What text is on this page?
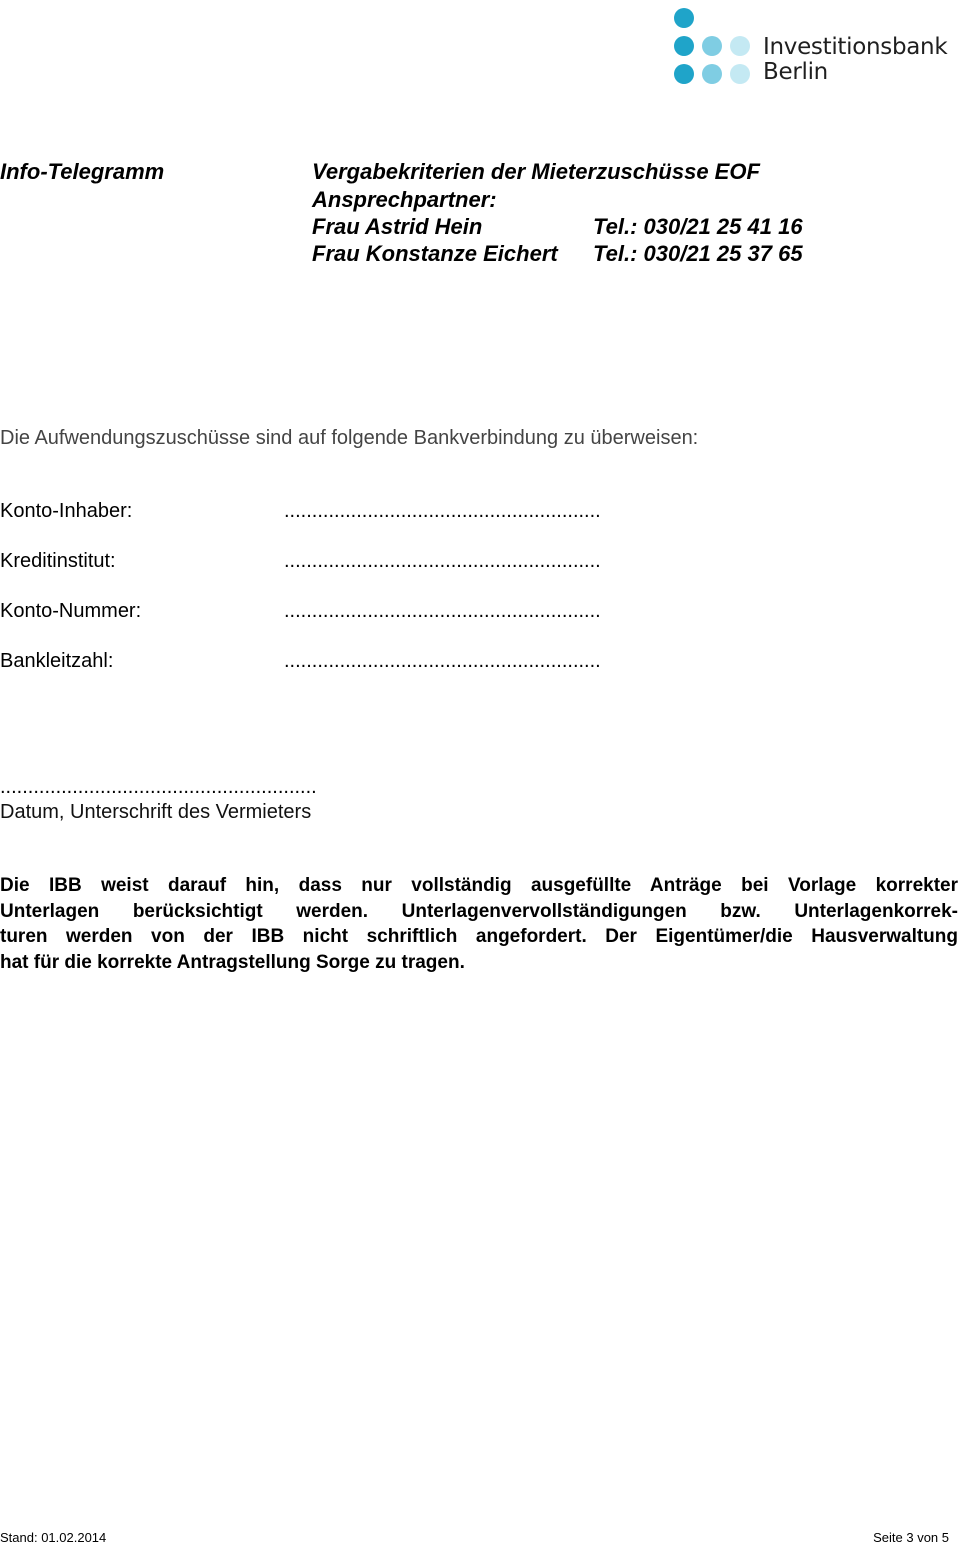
Investitionsbank
Berlin
Info-Telegramm	Vergabekriterien der Mieterzuschüsse EOF
Ansprechpartner:
Frau Astrid Hein	Tel.: 030/21 25 41 16
Frau Konstanze Eichert Tel.: 030/21 25 37 65
Die Aufwendungszuschüsse sind auf folgende Bankverbindung zu überweisen:
Konto-Inhaber:	.........................................................
Kreditinstitut:	.........................................................
Konto-Nummer:	.........................................................
Bankleitzahl:	.........................................................
.........................................................
Datum, Unterschrift des Vermieters
Die IBB weist darauf hin, dass nur vollständig ausgefüllte Anträge bei Vorlage korrekter
Unterlagen berücksichtigt werden. Unterlagenvervollständigungen bzw. Unterlagenkorrek-
turen werden von der IBB nicht schriftlich angefordert. Der Eigentümer/die Hausverwaltung
hat für die korrekte Antragstellung Sorge zu tragen.
Stand: 01.02.2014	Seite 3 von 5
